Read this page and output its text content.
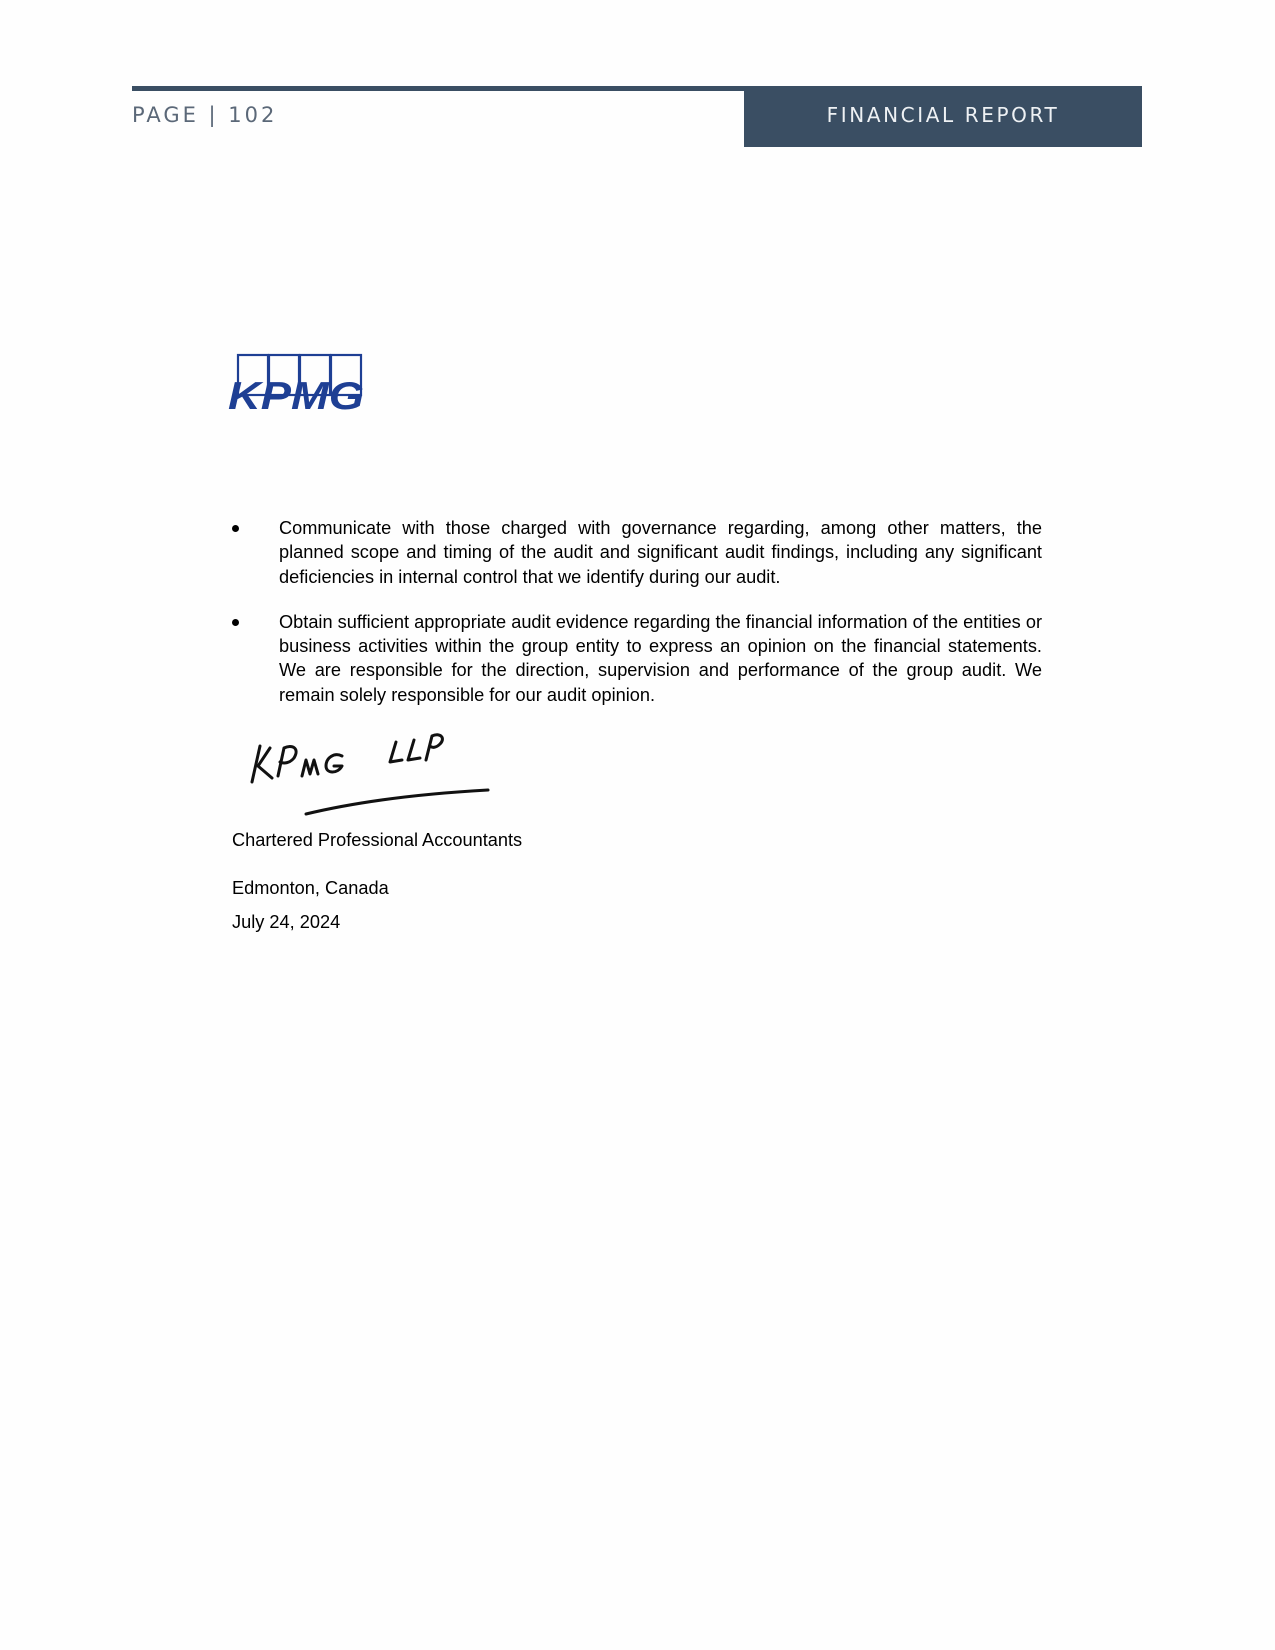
PAGE | 102	FINANCIAL REPORT
KPMG
Communicate with those charged with governance regarding, among other matters, the planned scope and timing of the audit and significant audit findings, including any significant deficiencies in internal control that we identify during our audit.
Obtain sufficient appropriate audit evidence regarding the financial information of the entities or business activities within the group entity to express an opinion on the financial statements. We are responsible for the direction, supervision and performance of the group audit. We remain solely responsible for our audit opinion.
Chartered Professional Accountants
Edmonton, Canada
July 24, 2024
